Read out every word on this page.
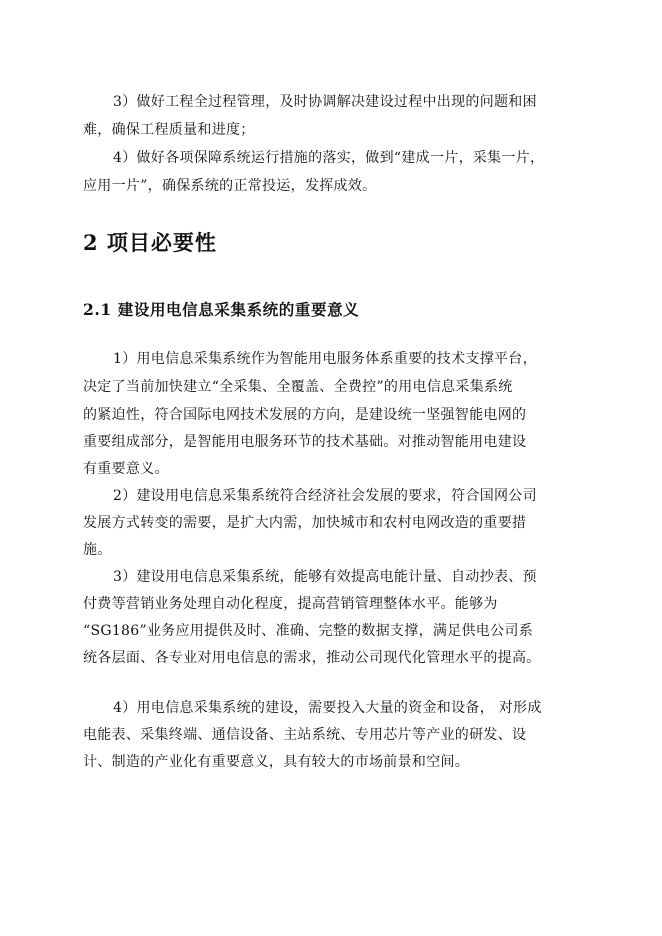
3）做好工程全过程管理，及时协调解决建设过程中出现的问题和困
难，确保工程质量和进度；
4）做好各项保障系统运行措施的落实，做到“建成一片，采集一片，
应用一片”，确保系统的正常投运，发挥成效。
2 项目必要性
2.1 建设用电信息采集系统的重要意义
1）用电信息采集系统作为智能用电服务体系重要的技术支撑平台，
决定了当前加快建立“全采集、全覆盖、全费控”的用电信息采集系统
的紧迫性，符合国际电网技术发展的方向，是建设统一坚强智能电网的
重要组成部分，是智能用电服务环节的技术基础。对推动智能用电建设
有重要意义。
2）建设用电信息采集系统符合经济社会发展的要求，符合国网公司
发展方式转变的需要，是扩大内需，加快城市和农村电网改造的重要措
施。
3）建设用电信息采集系统，能够有效提高电能计量、自动抄表、预
付费等营销业务处理自动化程度，提高营销管理整体水平。能够为
“SG186”业务应用提供及时、准确、完整的数据支撑，满足供电公司系
统各层面、各专业对用电信息的需求，推动公司现代化管理水平的提高。
4）用电信息采集系统的建设，需要投入大量的资金和设备， 对形成
电能表、采集终端、通信设备、主站系统、专用芯片等产业的研发、设
计、制造的产业化有重要意义，具有较大的市场前景和空间。
